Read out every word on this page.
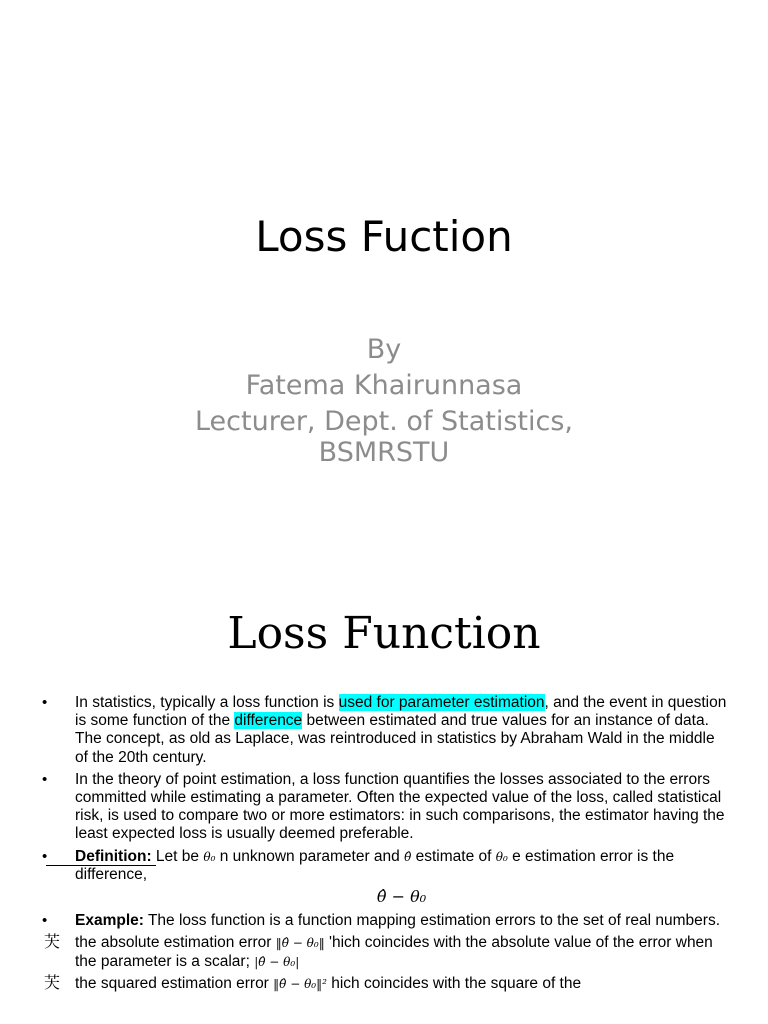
Loss Fuction
By
Fatema Khairunnasa
Lecturer, Dept. of Statistics,
BSMRSTU
Loss Function
• In statistics, typically a loss function is used for parameter estimation, and the event in question is some function of the difference between estimated and true values for an instance of data. The concept, as old as Laplace, was reintroduced in statistics by Abraham Wald in the middle of the 20th century.
• In the theory of point estimation, a loss function quantifies the losses associated to the errors committed while estimating a parameter. Often the expected value of the loss, called statistical risk, is used to compare two or more estimators: in such comparisons, the estimator having the least expected loss is usually deemed preferable.
• Definition: Let be θ₀ n unknown parameter and θ̂ estimate of θ₀ e estimation error is the difference,
θ̂ − θ₀
• Example: The loss function is a function mapping estimation errors to the set of real numbers.
芖 the absolute estimation error ‖θ̂ − θ₀‖ 'hich coincides with the absolute value of the error when the parameter is a scalar; |θ̂ − θ₀|
芖 the squared estimation error ‖θ̂ − θ₀‖² hich coincides with the square of the
